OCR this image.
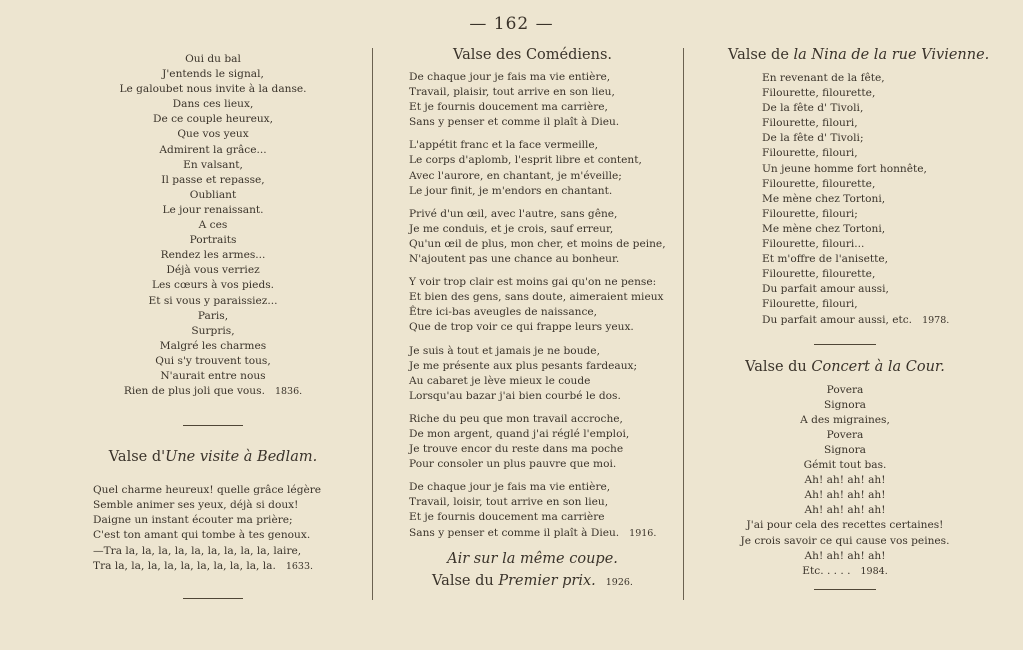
— 162 —
Oui du bal
J'entends le signal,
Le galoubet nous invite à la danse.
Dans ces lieux,
De ce couple heureux,
Que vos yeux
Admirent la grâce...
En valsant,
Il passe et repasse,
Oubliant
Le jour renaissant.
A ces
Portraits
Rendez les armes...
Déjà vous verriez
Les cœurs à vos pieds.
Et si vous y paraissiez...
Paris,
Surpris,
Malgré les charmes
Qui s'y trouvent tous,
N'aurait entre nous
Rien de plus joli que vous. 1836.
Valse d'Une visite à Bedlam.
Quel charme heureux! quelle grâce légère
Semble animer ses yeux, déjà si doux!
Daigne un instant écouter ma prière;
C'est ton amant qui tombe à tes genoux.
—Tra la, la, la, la, la, la, la, la, la, laire,
Tra la, la, la, la, la, la, la, la, la, la. 1633.
Valse des Comédiens.
De chaque jour je fais ma vie entière,
Travail, plaisir, tout arrive en son lieu,
Et je fournis doucement ma carrière,
Sans y penser et comme il plaît à Dieu.
L'appétit franc et la face vermeille,
Le corps d'aplomb, l'esprit libre et content,
Avec l'aurore, en chantant, je m'éveille;
Le jour finit, je m'endors en chantant.
Privé d'un œil, avec l'autre, sans gêne,
Je me conduis, et je crois, sauf erreur,
Qu'un œil de plus, mon cher, et moins de peine,
N'ajoutent pas une chance au bonheur.
Y voir trop clair est moins gai qu'on ne pense:
Et bien des gens, sans doute, aimeraient mieux
Être ici-bas aveugles de naissance,
Que de trop voir ce qui frappe leurs yeux.
Je suis à tout et jamais je ne boude,
Je me présente aux plus pesants fardeaux;
Au cabaret je lève mieux le coude
Lorsqu'au bazar j'ai bien courbé le dos.
Riche du peu que mon travail accroche,
De mon argent, quand j'ai réglé l'emploi,
Je trouve encor du reste dans ma poche
Pour consoler un plus pauvre que moi.
De chaque jour je fais ma vie entière,
Travail, loisir, tout arrive en son lieu,
Et je fournis doucement ma carrière
Sans y penser et comme il plaît à Dieu. 1916.
Air sur la même coupe.
Valse du Premier prix. 1926.
Valse de la Nina de la rue Vivienne.
En revenant de la fête,
Filourette, filourette,
De la fête d' Tivoli,
Filourette, filouri,
De la fête d' Tivoli;
Filourette, filouri,
Un jeune homme fort honnête,
Filourette, filourette,
Me mène chez Tortoni,
Filourette, filouri;
Me mène chez Tortoni,
Filourette, filouri...
Et m'offre de l'anisette,
Filourette, filourette,
Du parfait amour aussi,
Filourette, filouri,
Du parfait amour aussi, etc. 1978.
Valse du Concert à la Cour.
Povera
Signora
A des migraines,
Povera
Signora
Gémit tout bas.
Ah! ah! ah! ah!
Ah! ah! ah! ah!
Ah! ah! ah! ah!
J'ai pour cela des recettes certaines!
Je crois savoir ce qui cause vos peines.
Ah! ah! ah! ah!
Etc. . . . . 1984.
